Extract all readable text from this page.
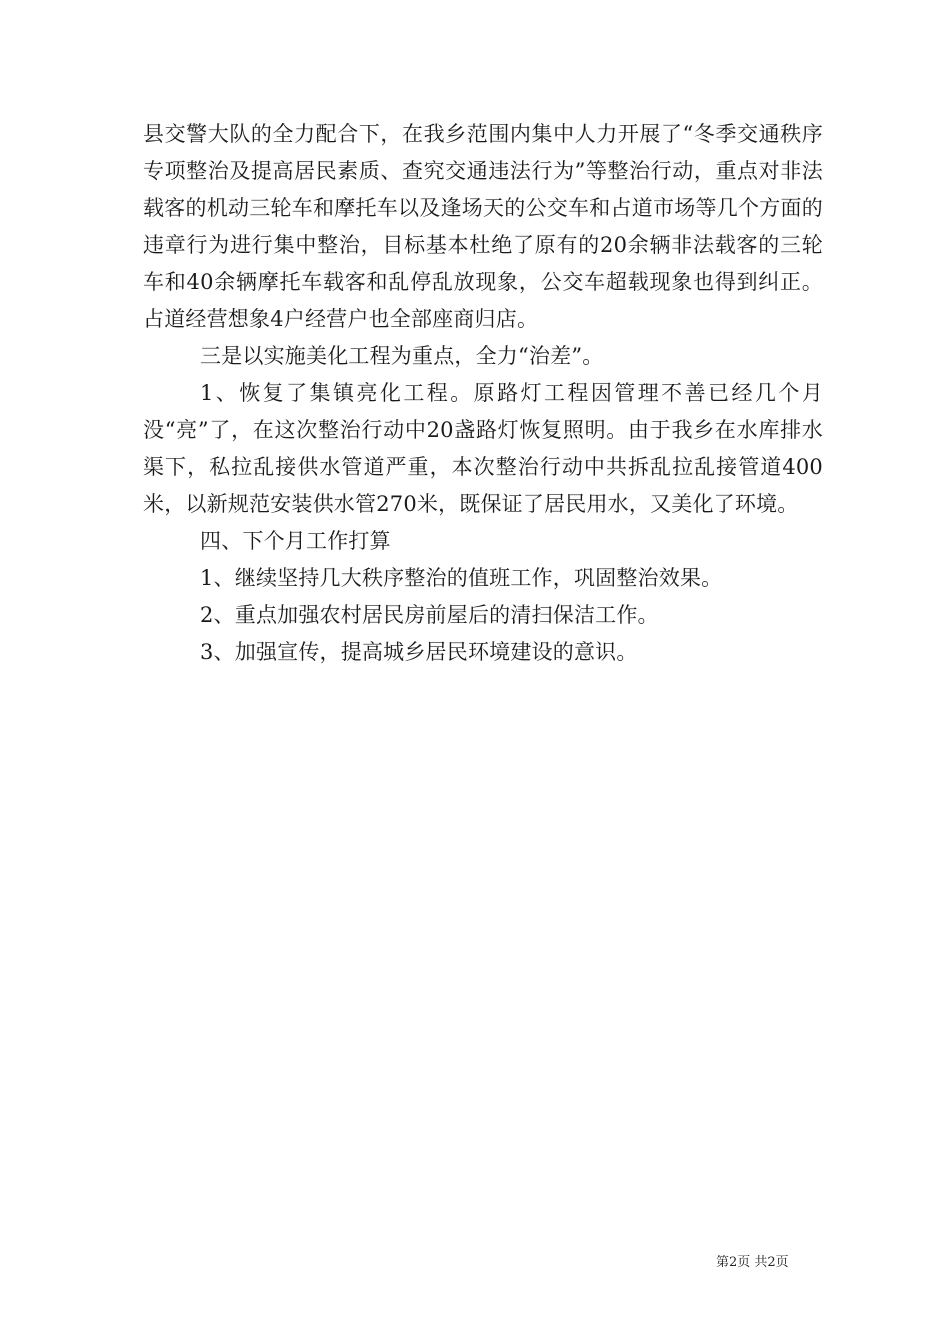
县交警大队的全力配合下，在我乡范围内集中人力开展了“冬季交通秩序专项整治及提高居民素质、查究交通违法行为”等整治行动，重点对非法载客的机动三轮车和摩托车以及逢场天的公交车和占道市场等几个方面的违章行为进行集中整治，目标基本杜绝了原有的20余辆非法载客的三轮车和40余辆摩托车载客和乱停乱放现象，公交车超载现象也得到纠正。占道经营想象4户经营户也全部座商归店。

三是以实施美化工程为重点，全力“治差”。

1、恢复了集镇亮化工程。原路灯工程因管理不善已经几个月没“亮”了，在这次整治行动中20盏路灯恢复照明。由于我乡在水库排水渠下，私拉乱接供水管道严重，本次整治行动中共拆乱拉乱接管道400米，以新规范安装供水管270米，既保证了居民用水，又美化了环境。

四、下个月工作打算

1、继续坚持几大秩序整治的值班工作，巩固整治效果。

2、重点加强农村居民房前屋后的清扫保洁工作。

3、加强宣传，提高城乡居民环境建设的意识。

第2页 共2页
